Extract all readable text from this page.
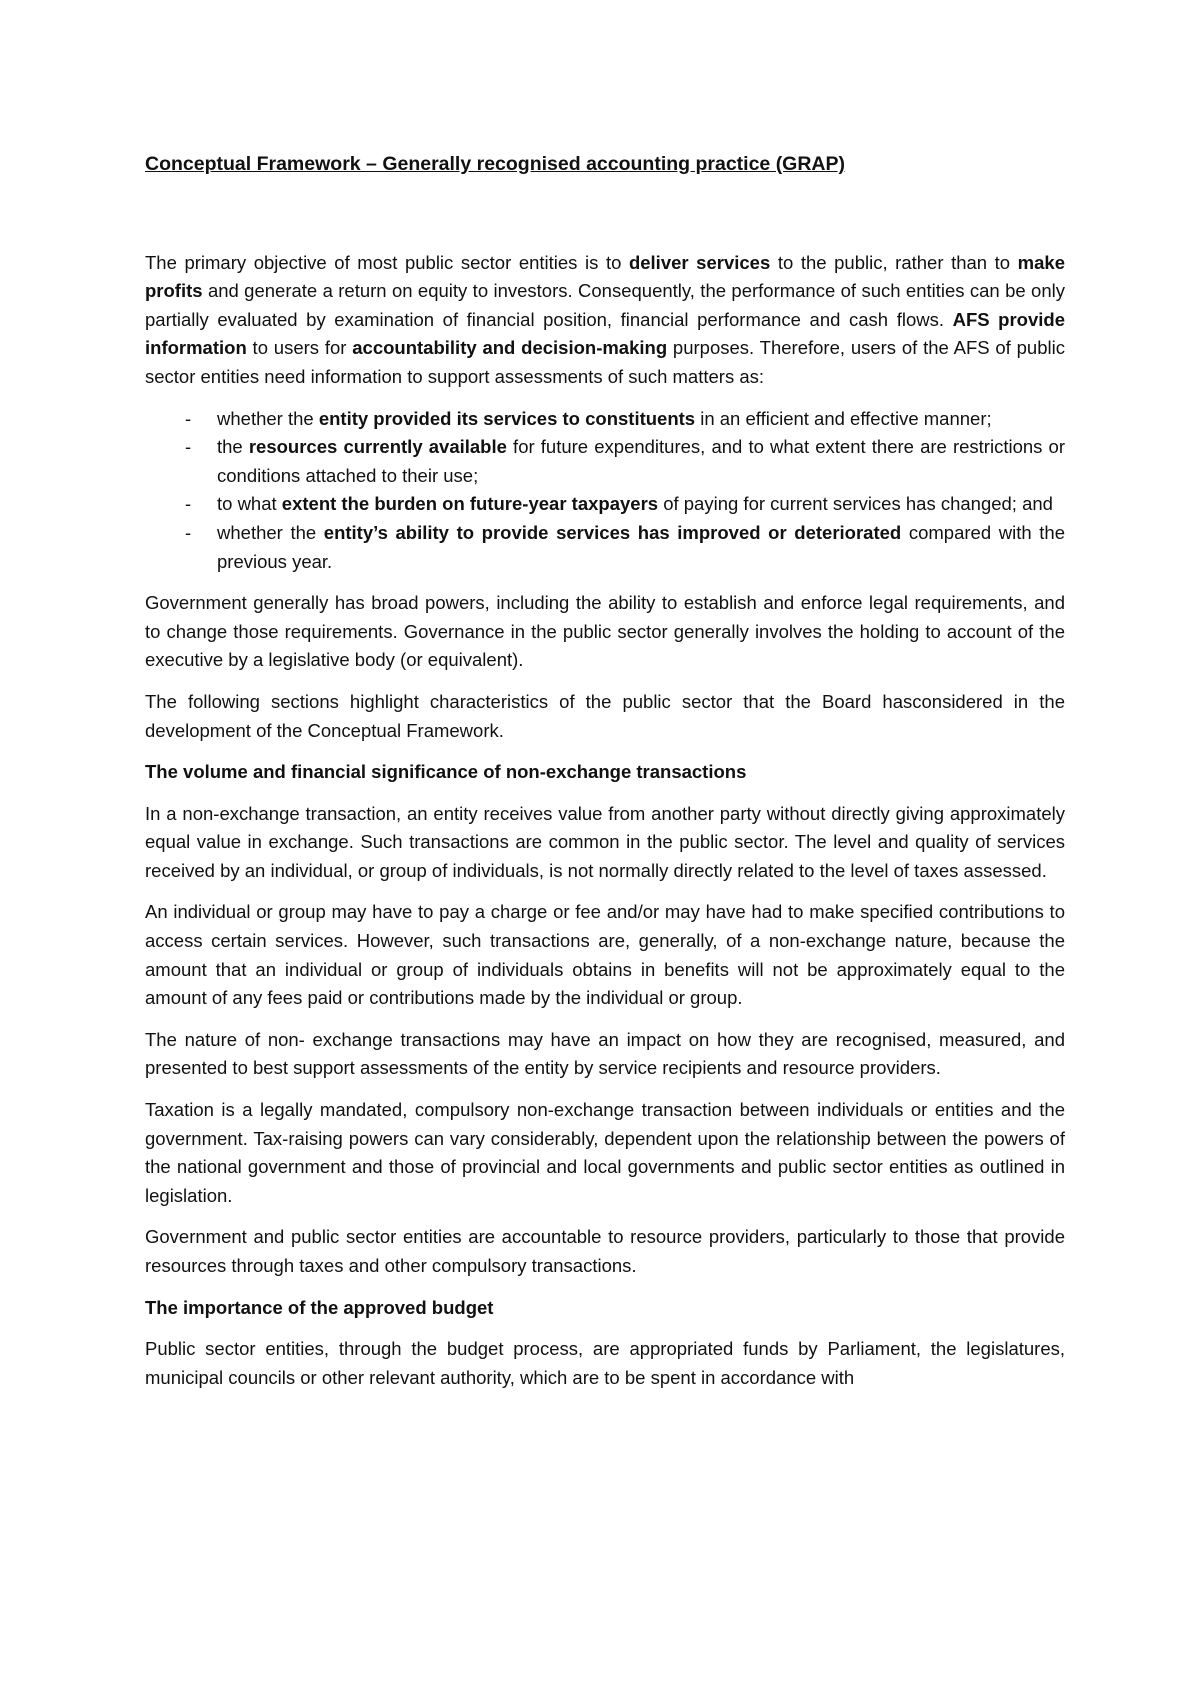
Conceptual Framework – Generally recognised accounting practice (GRAP)

The primary objective of most public sector entities is to deliver services to the public, rather than to make profits and generate a return on equity to investors. Consequently, the performance of such entities can be only partially evaluated by examination of financial position, financial performance and cash flows. AFS provide information to users for accountability and decision-making purposes. Therefore, users of the AFS of public sector entities need information to support assessments of such matters as:

- whether the entity provided its services to constituents in an efficient and effective manner;
- the resources currently available for future expenditures, and to what extent there are restrictions or conditions attached to their use;
- to what extent the burden on future-year taxpayers of paying for current services has changed; and
- whether the entity’s ability to provide services has improved or deteriorated compared with the previous year.

Government generally has broad powers, including the ability to establish and enforce legal requirements, and to change those requirements. Governance in the public sector generally involves the holding to account of the executive by a legislative body (or equivalent).

The following sections highlight characteristics of the public sector that the Board hasconsidered in the development of the Conceptual Framework.

The volume and financial significance of non-exchange transactions

In a non-exchange transaction, an entity receives value from another party without directly giving approximately equal value in exchange. Such transactions are common in the public sector. The level and quality of services received by an individual, or group of individuals, is not normally directly related to the level of taxes assessed.

An individual or group may have to pay a charge or fee and/or may have had to make specified contributions to access certain services. However, such transactions are, generally, of a non-exchange nature, because the amount that an individual or group of individuals obtains in benefits will not be approximately equal to the amount of any fees paid or contributions made by the individual or group.

The nature of non- exchange transactions may have an impact on how they are recognised, measured, and presented to best support assessments of the entity by service recipients and resource providers.

Taxation is a legally mandated, compulsory non-exchange transaction between individuals or entities and the government. Tax-raising powers can vary considerably, dependent upon the relationship between the powers of the national government and those of provincial and local governments and public sector entities as outlined in legislation.

Government and public sector entities are accountable to resource providers, particularly to those that provide resources through taxes and other compulsory transactions.

The importance of the approved budget

Public sector entities, through the budget process, are appropriated funds by Parliament, the legislatures, municipal councils or other relevant authority, which are to be spent in accordance with
